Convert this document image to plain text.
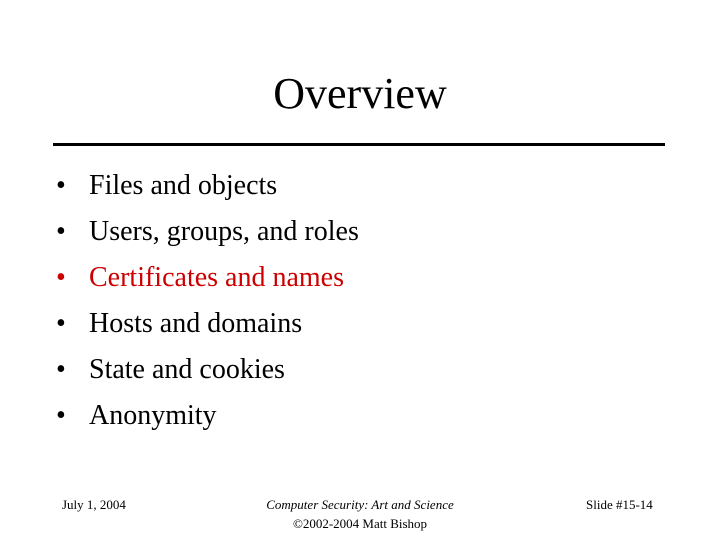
Overview
• Files and objects
• Users, groups, and roles
• Certificates and names
• Hosts and domains
• State and cookies
• Anonymity
July 1, 2004	Computer Security: Art and Science
©2002-2004 Matt Bishop
Slide #15-14
